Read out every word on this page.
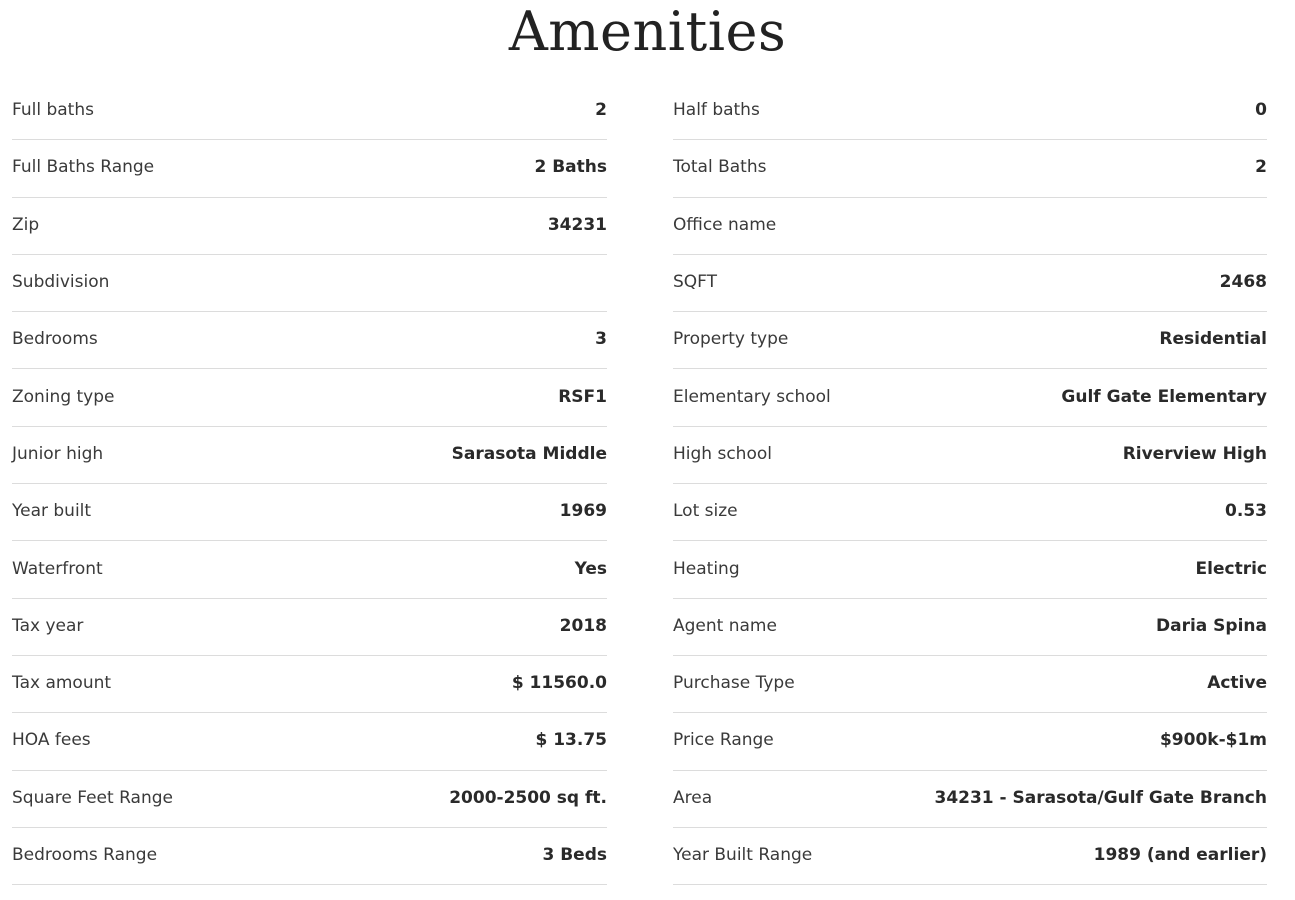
Amenities
Full baths	2
Full Baths Range	2 Baths
Zip	34231
Subdivision
Bedrooms	3
Zoning type	RSF1
Junior high	Sarasota Middle
Year built	1969
Waterfront	Yes
Tax year	2018
Tax amount	$ 11560.0
HOA fees	$ 13.75
Square Feet Range	2000-2500 sq ft.
Bedrooms Range	3 Beds
Half baths	0
Total Baths	2
Office name
SQFT	2468
Property type	Residential
Elementary school	Gulf Gate Elementary
High school	Riverview High
Lot size	0.53
Heating	Electric
Agent name	Daria Spina
Purchase Type	Active
Price Range	$900k-$1m
Area	34231 - Sarasota/Gulf Gate Branch
Year Built Range	1989 (and earlier)
